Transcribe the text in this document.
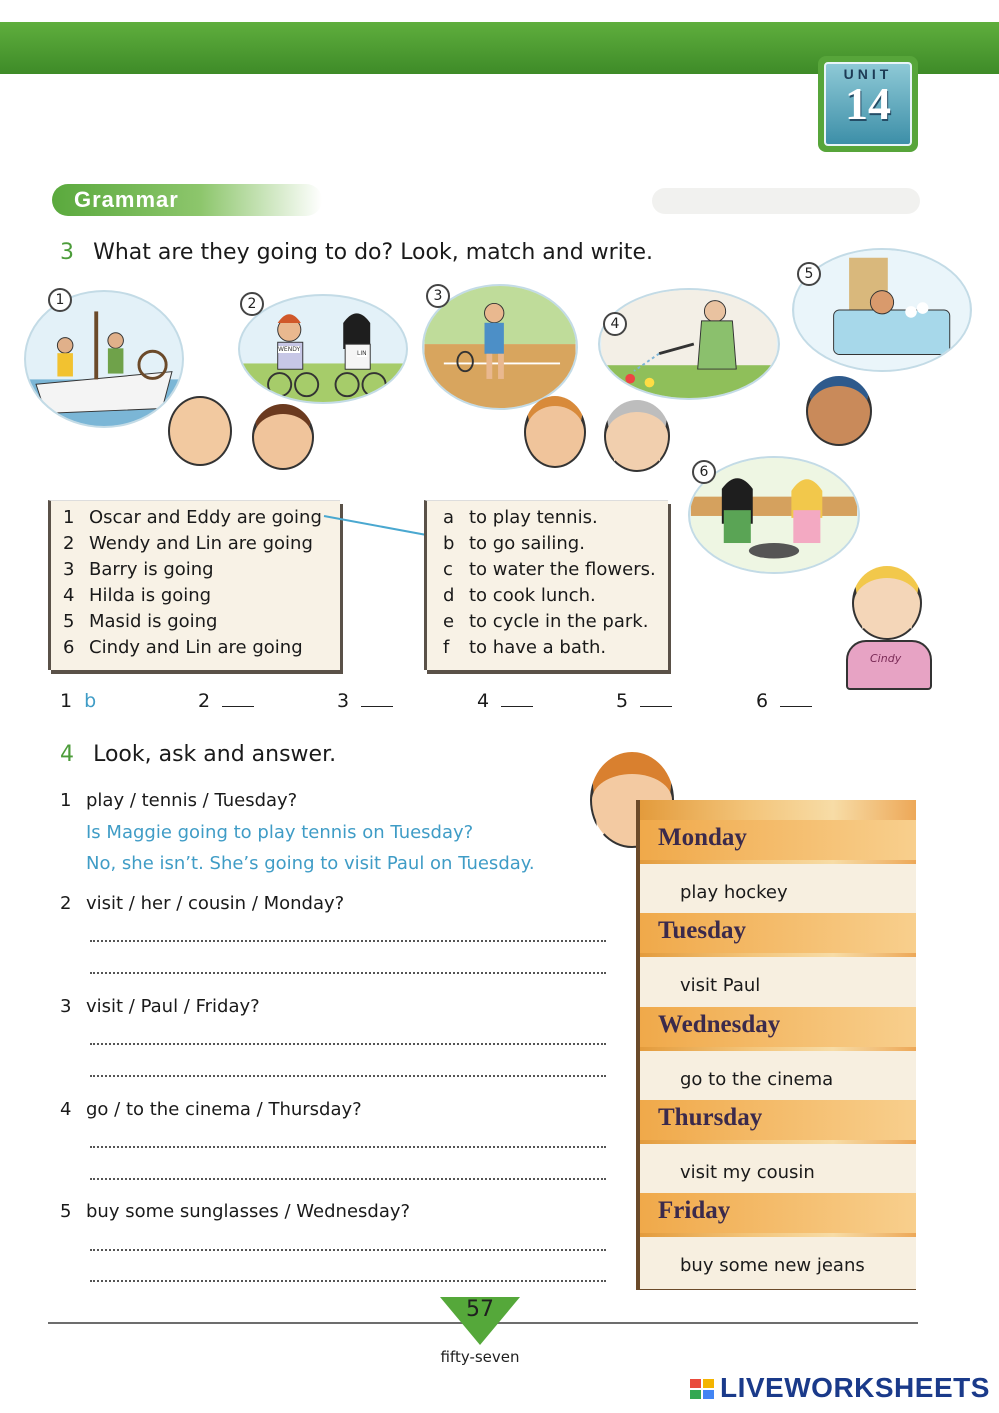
UNIT
14
Grammar
3 What are they going to do? Look, match and write.
1
WENDY
LIN
2	3
4
5
6
Cindy
1 Oscar and Eddy are going
2 Wendy and Lin are going
3 Barry is going
4 Hilda is going
5 Masid is going
6 Cindy and Lin are going
a to play tennis.
b to go sailing.
c to water the flowers.
d to cook lunch.
e to cycle in the park.
f to have a bath.
1 b	2	3	4	5	6
4 Look, ask and answer.
1 play / tennis / Tuesday?
Is Maggie going to play tennis on Tuesday?
No, she isn’t. She’s going to visit Paul on Tuesday.
2 visit / her / cousin / Monday?
3 visit / Paul / Friday?
4 go / to the cinema / Thursday?
5 buy some sunglasses / Wednesday?
Monday
play hockey
Tuesday
visit Paul
Wednesday
go to the cinema
Thursday
visit my cousin
Friday
buy some new jeans
57
fifty-seven
LIVEWORKSHEETS
